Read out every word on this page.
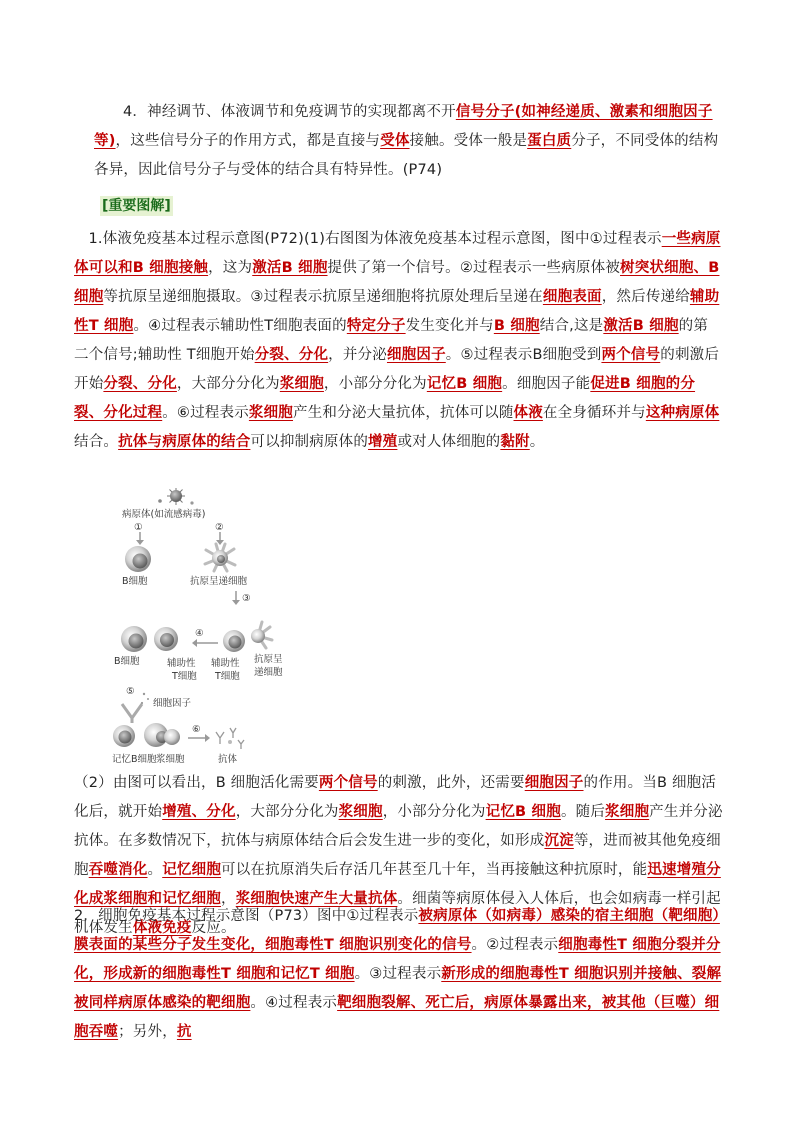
4．神经调节、体液调节和免疫调节的实现都离不开信号分子(如神经递质、激素和细胞因子等)，这些信号分子的作用方式，都是直接与受体接触。受体一般是蛋白质分子，不同受体的结构各异，因此信号分子与受体的结合具有特异性。(P74)
[重要图解]
1.体液免疫基本过程示意图(P72)(1)右图图为体液免疫基本过程示意图，图中①过程表示一些病原体可以和B 细胞接触，这为激活B 细胞提供了第一个信号。②过程表示一些病原体被树突状细胞、B 细胞等抗原呈递细胞摄取。③过程表示抗原呈递细胞将抗原处理后呈递在细胞表面，然后传递给辅助性T 细胞。④过程表示辅助性T细胞表面的特定分子发生变化并与B 细胞结合,这是激活B 细胞的第二个信号;辅助性 T细胞开始分裂、分化，并分泌细胞因子。⑤过程表示B细胞受到两个信号的刺激后开始分裂、分化，大部分分化为浆细胞，小部分分化为记忆B 细胞。细胞因子能促进B 细胞的分裂、分化过程。⑥过程表示浆细胞产生和分泌大量抗体，抗体可以随体液在全身循环并与这种病原体结合。抗体与病原体的结合可以抑制病原体的增殖或对人体细胞的黏附。
病原体(如流感病毒)
①	②
B细胞	抗原呈递细胞
③
B细胞	辅助性
T细胞
④
辅助性
T细胞
抗原呈
递细胞
⑤
细胞因子
记忆B细胞 浆细胞
⑥
抗体
（2）由图可以看出，B 细胞活化需要两个信号的刺激，此外，还需要细胞因子的作用。当B 细胞活化后，就开始增殖、分化，大部分分化为浆细胞，小部分分化为记忆B 细胞。随后浆细胞产生并分泌抗体。在多数情况下，抗体与病原体结合后会发生进一步的变化，如形成沉淀等，进而被其他免疫细胞吞噬消化。记忆细胞可以在抗原消失后存活几年甚至几十年，当再接触这种抗原时，能迅速增殖分化成浆细胞和记忆细胞，浆细胞快速产生大量抗体。细菌等病原体侵入人体后，也会如病毒一样引起机体发生体液免疫反应。
2．细胞免疫基本过程示意图（P73）图中①过程表示被病原体（如病毒）感染的宿主细胞（靶细胞）膜表面的某些分子发生变化，细胞毒性T 细胞识别变化的信号。②过程表示细胞毒性T 细胞分裂并分化，形成新的细胞毒性T 细胞和记忆T 细胞。③过程表示新形成的细胞毒性T 细胞识别并接触、裂解被同样病原体感染的靶细胞。④过程表示靶细胞裂解、死亡后，病原体暴露出来，被其他（巨噬）细胞吞噬；另外，抗
